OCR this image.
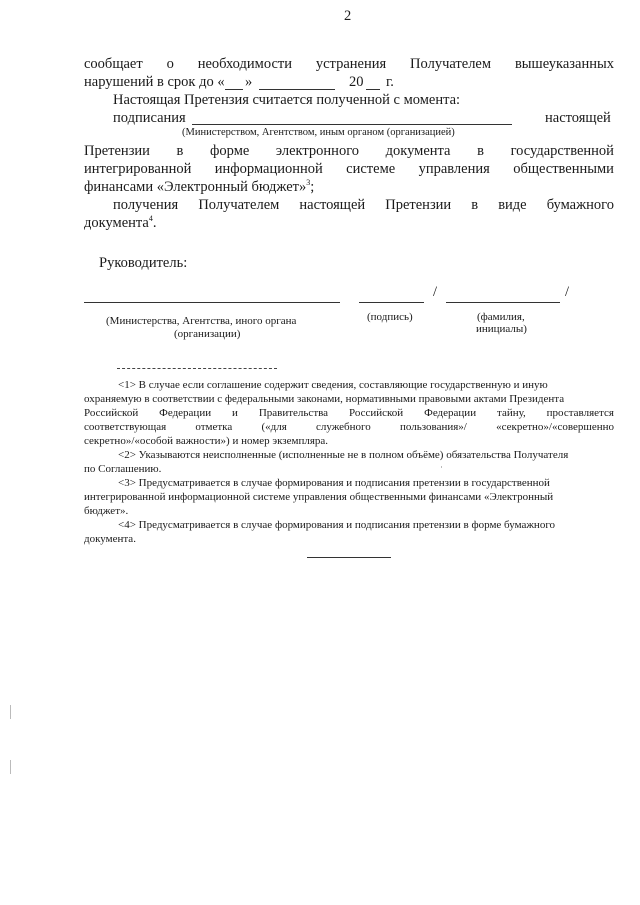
2
сообщает о необходимости устранения Получателем вышеуказанных
нарушений в срок до « »	20 г.
Настоящая Претензия считается полученной с момента:
подписания	настоящей
(Министерством, Агентством, иным органом (организацией)
Претензии в форме электронного документа в государственной
интегрированной информационной системе управления общественными
финансами «Электронный бюджет»$^3$;
получения Получателем настоящей Претензии в виде бумажного
документа$^4$.
Руководитель:
/	/
(Министерства, Агентства, иного органа
(организации)
(подпись)	(фамилия,
инициалы)
<1> В случае если соглашение содержит сведения, составляющие государственную и иную
охраняемую в соответствии с федеральными законами, нормативными правовыми актами Президента
Российской Федерации и Правительства Российской Федерации тайну, проставляется
соответствующая	отметка	(«для	служебного	пользования»/	«секретно»/«совершенно
секретно»/«особой важности») и номер экземпляра.
<2> Указываются неисполненные (исполненные не в полном объёме) обязательства Получателя
по Соглашению.
<3> Предусматривается в случае формирования и подписания претензии в государственной
интегрированной информационной системе управления общественными финансами «Электронный
бюджет».
<4> Предусматривается в случае формирования и подписания претензии в форме бумажного
документа.
